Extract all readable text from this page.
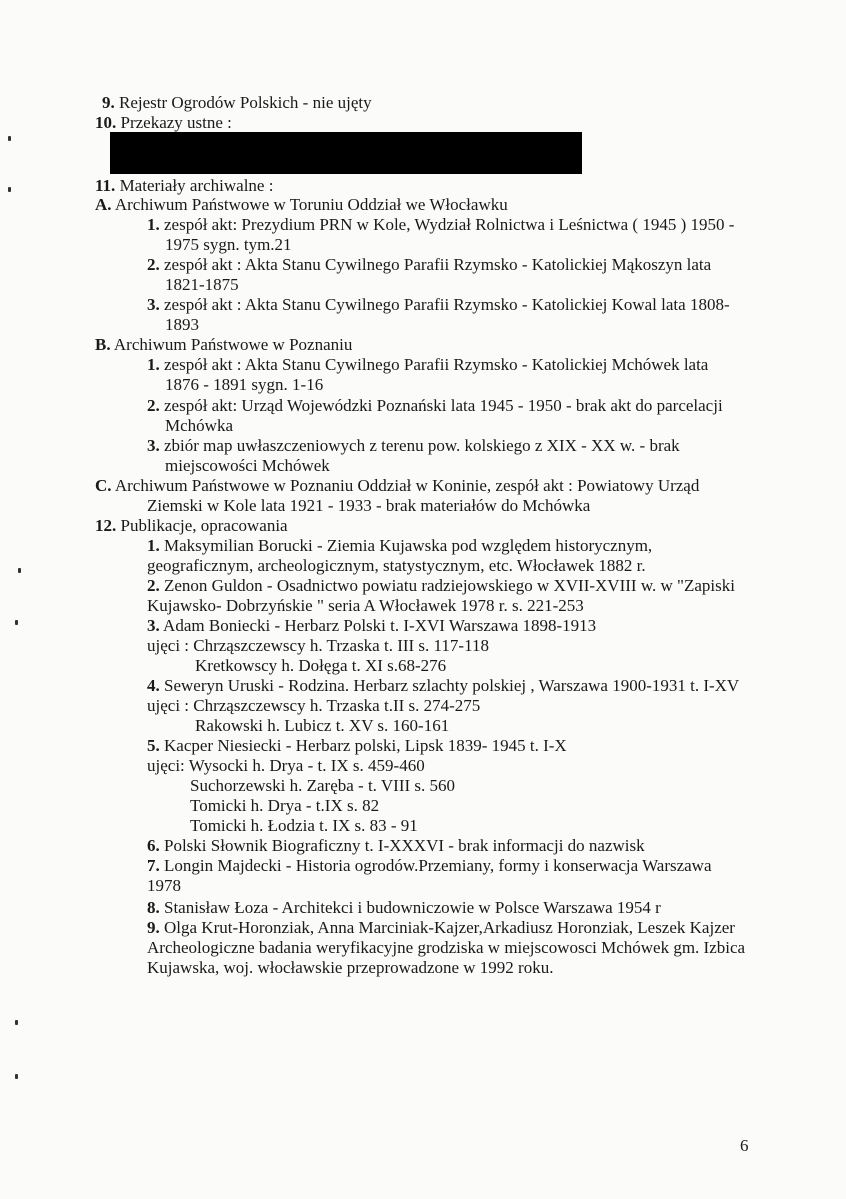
9. Rejestr Ogrodów Polskich - nie ujęty
10. Przekazy ustne :
11. Materiały archiwalne :
A. Archiwum Państwowe w Toruniu Oddział we Włocławku
1. zespół akt: Prezydium PRN w Kole, Wydział Rolnictwa i Leśnictwa ( 1945 ) 1950 -
1975 sygn. tym.21
2. zespół akt : Akta Stanu Cywilnego Parafii Rzymsko - Katolickiej Mąkoszyn lata
1821-1875
3. zespół akt : Akta Stanu Cywilnego Parafii Rzymsko - Katolickiej Kowal lata 1808-
1893
B. Archiwum Państwowe w Poznaniu
1. zespół akt : Akta Stanu Cywilnego Parafii Rzymsko - Katolickiej Mchówek lata
1876 - 1891 sygn. 1-16
2. zespół akt: Urząd Wojewódzki Poznański lata 1945 - 1950 - brak akt do parcelacji
Mchówka
3. zbiór map uwłaszczeniowych z terenu pow. kolskiego z XIX - XX w. - brak
miejscowości Mchówek
C. Archiwum Państwowe w Poznaniu Oddział w Koninie, zespół akt : Powiatowy Urząd
Ziemski w Kole lata 1921 - 1933 - brak materiałów do Mchówka
12. Publikacje, opracowania
1. Maksymilian Borucki - Ziemia Kujawska pod względem historycznym,
geograficznym, archeologicznym, statystycznym, etc. Włocławek 1882 r.
2. Zenon Guldon - Osadnictwo powiatu radziejowskiego w XVII-XVIII w. w "Zapiski
Kujawsko- Dobrzyńskie " seria A Włocławek 1978 r. s. 221-253
3. Adam Boniecki - Herbarz Polski t. I-XVI Warszawa 1898-1913
ujęci : Chrząszczewscy h. Trzaska t. III s. 117-118
Kretkowscy h. Dołęga t. XI s.68-276
4. Seweryn Uruski - Rodzina. Herbarz szlachty polskiej , Warszawa 1900-1931 t. I-XV
ujęci : Chrząszczewscy h. Trzaska t.II s. 274-275
Rakowski h. Lubicz t. XV s. 160-161
5. Kacper Niesiecki - Herbarz polski, Lipsk 1839- 1945 t. I-X
ujęci: Wysocki h. Drya - t. IX s. 459-460
Suchorzewski h. Zaręba - t. VIII s. 560
Tomicki h. Drya - t.IX s. 82
Tomicki h. Łodzia t. IX s. 83 - 91
6. Polski Słownik Biograficzny t. I-XXXVI - brak informacji do nazwisk
7. Longin Majdecki - Historia ogrodów.Przemiany, formy i konserwacja Warszawa
1978
8. Stanisław Łoza - Architekci i budowniczowie w Polsce Warszawa 1954 r
9. Olga Krut-Horonziak, Anna Marciniak-Kajzer,Arkadiusz Horonziak, Leszek Kajzer
Archeologiczne badania weryfikacyjne grodziska w miejscowosci Mchówek gm. Izbica
Kujawska, woj. włocławskie przeprowadzone w 1992 roku.
6
